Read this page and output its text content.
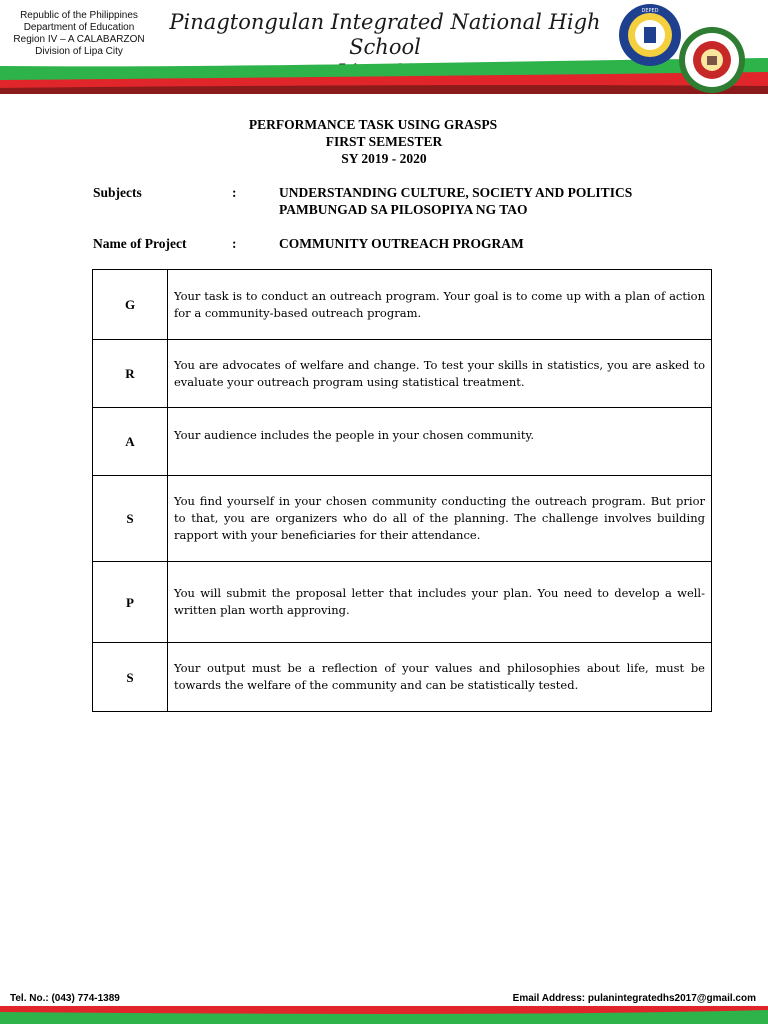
Republic of the Philippines
Department of Education
Region IV – A CALABARZON
Division of Lipa City
Pinagtongulan Integrated National High School
DEPED
PERFORMANCE TASK USING GRASPS
FIRST SEMESTER
SY 2019 - 2020
Subjects	:	UNDERSTANDING CULTURE, SOCIETY AND POLITICS
PAMBUNGAD SA PILOSOPIYA NG TAO
Name of Project	:	COMMUNITY OUTREACH PROGRAM
G	Your task is to conduct an outreach program. Your goal is to come up with a plan of action for a community-based outreach program.
R	You are advocates of welfare and change. To test your skills in statistics, you are asked to evaluate your outreach program using statistical treatment.
A	Your audience includes the people in your chosen community.
S	You find yourself in your chosen community conducting the outreach program. But prior to that, you are organizers who do all of the planning. The challenge involves building rapport with your beneficiaries for their attendance.
P	You will submit the proposal letter that includes your plan. You need to develop a well-written plan worth approving.
S	Your output must be a reflection of your values and philosophies about life, must be towards the welfare of the community and can be statistically tested.
Tel. No.: (043) 774-1389	Email Address: pulanintegratedhs2017@gmail.com
